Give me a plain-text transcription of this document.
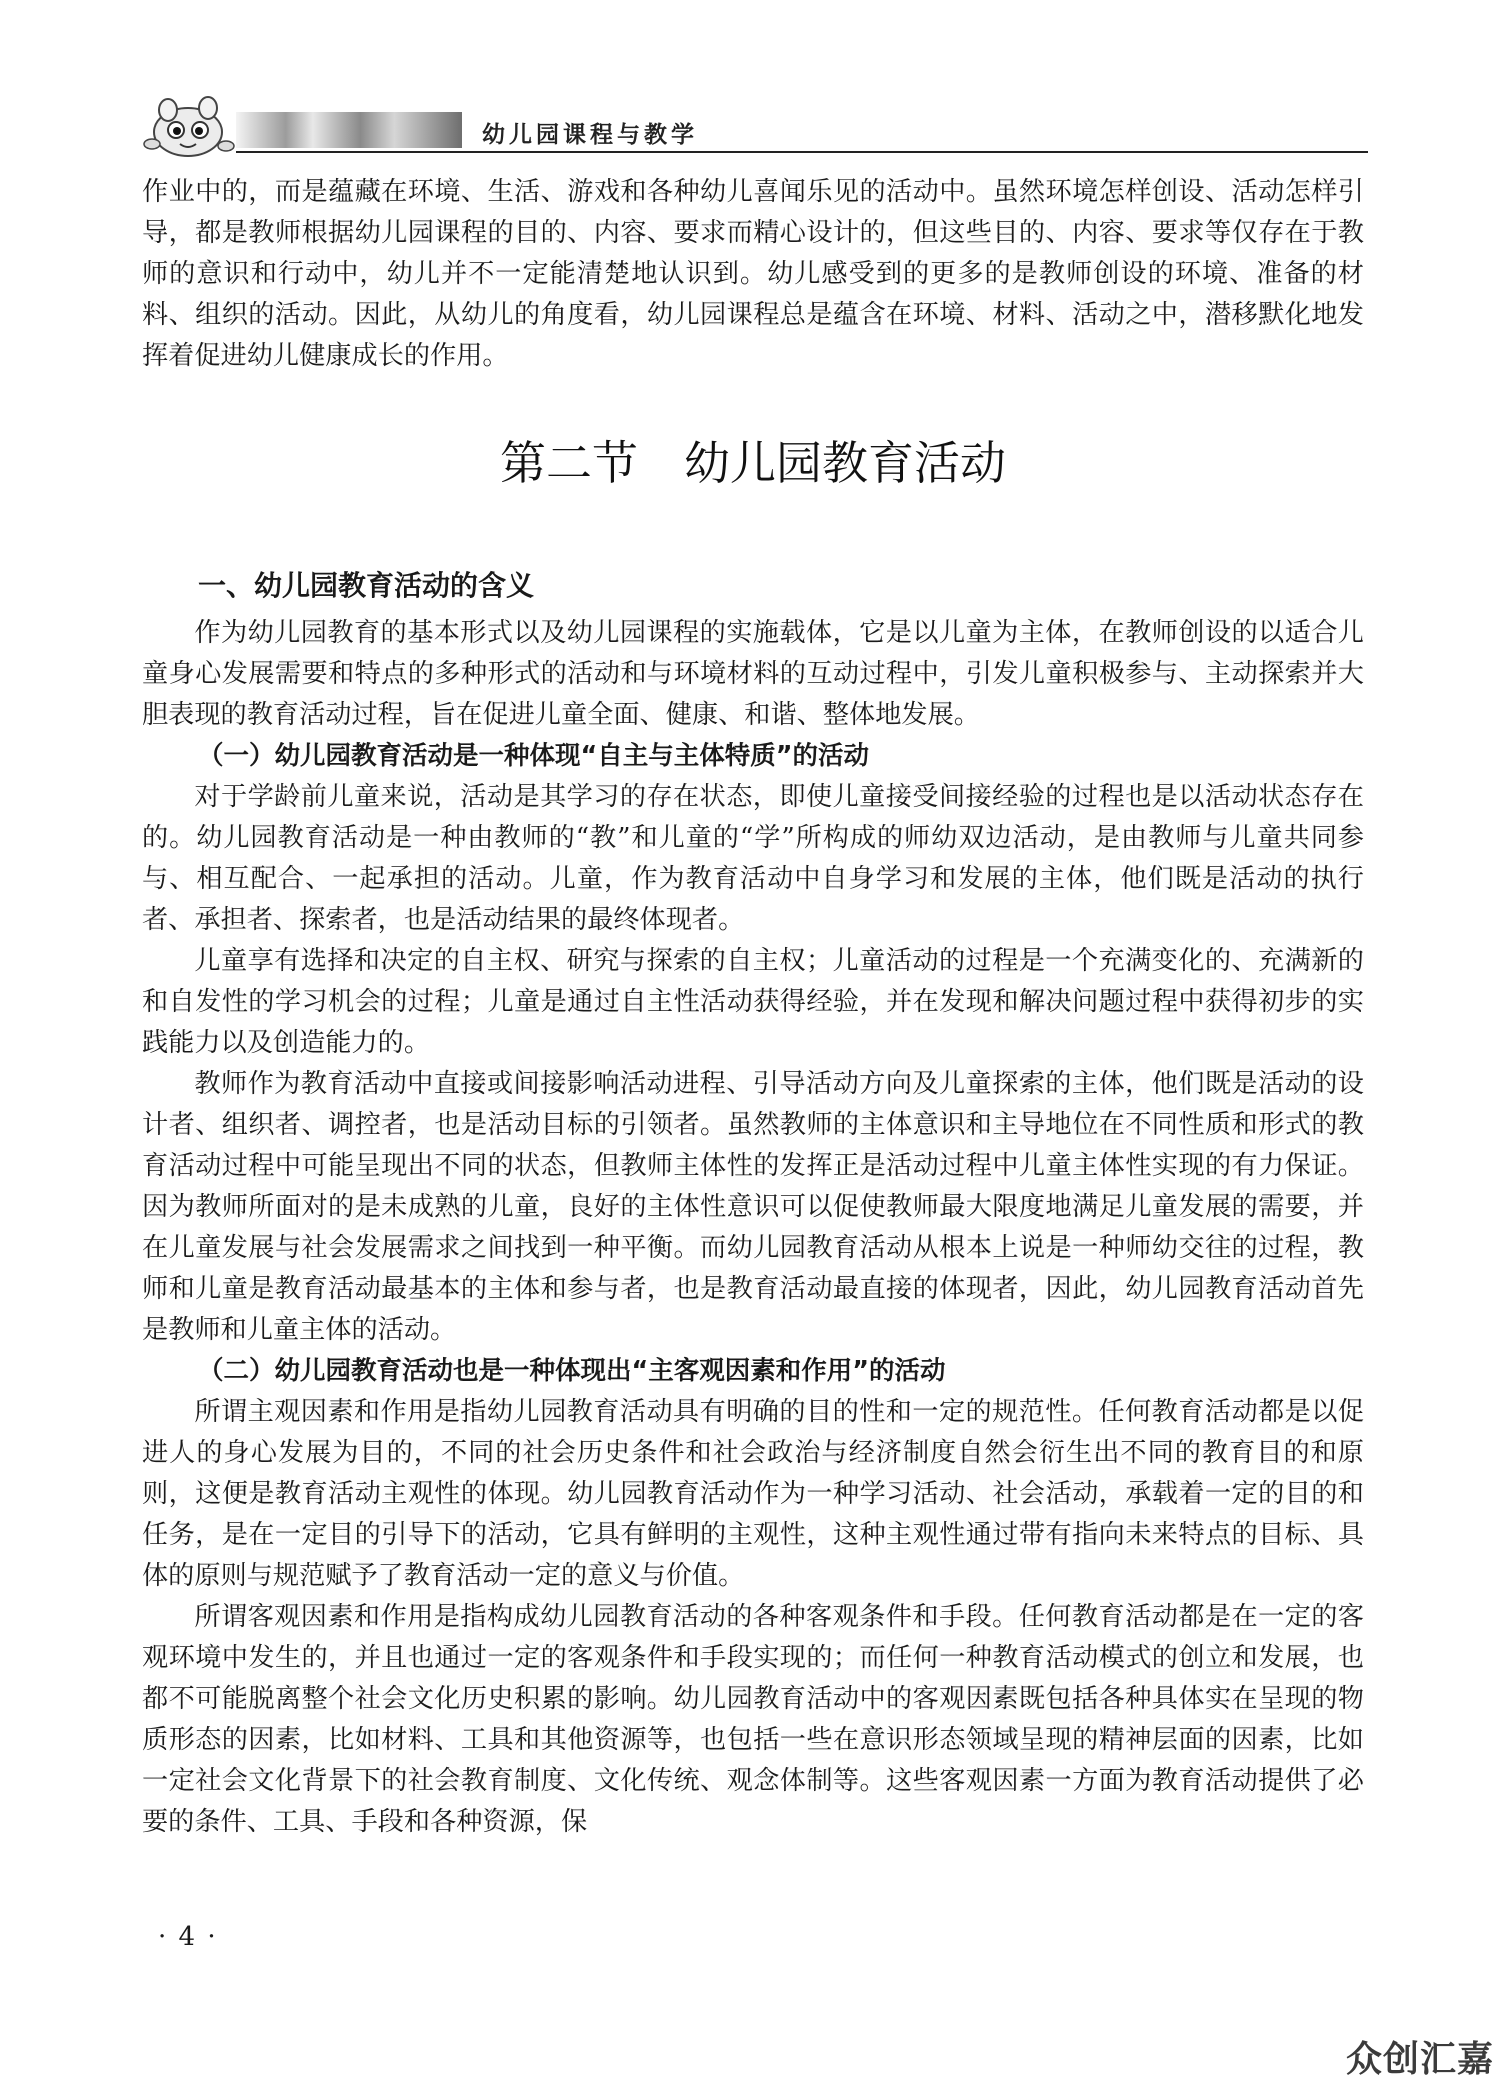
幼儿园课程与教学

作业中的，而是蕴藏在环境、生活、游戏和各种幼儿喜闻乐见的活动中。虽然环境怎样创设、活动怎样引导，都是教师根据幼儿园课程的目的、内容、要求而精心设计的，但这些目的、内容、要求等仅存在于教师的意识和行动中，幼儿并不一定能清楚地认识到。幼儿感受到的更多的是教师创设的环境、准备的材料、组织的活动。因此，从幼儿的角度看，幼儿园课程总是蕴含在环境、材料、活动之中，潜移默化地发挥着促进幼儿健康成长的作用。

第二节　幼儿园教育活动
一、幼儿园教育活动的含义

作为幼儿园教育的基本形式以及幼儿园课程的实施载体，它是以儿童为主体，在教师创设的以适合儿童身心发展需要和特点的多种形式的活动和与环境材料的互动过程中，引发儿童积极参与、主动探索并大胆表现的教育活动过程，旨在促进儿童全面、健康、和谐、整体地发展。

（一）幼儿园教育活动是一种体现“自主与主体特质”的活动

对于学龄前儿童来说，活动是其学习的存在状态，即使儿童接受间接经验的过程也是以活动状态存在的。幼儿园教育活动是一种由教师的“教”和儿童的“学”所构成的师幼双边活动，是由教师与儿童共同参与、相互配合、一起承担的活动。儿童，作为教育活动中自身学习和发展的主体，他们既是活动的执行者、承担者、探索者，也是活动结果的最终体现者。

儿童享有选择和决定的自主权、研究与探索的自主权；儿童活动的过程是一个充满变化的、充满新的和自发性的学习机会的过程；儿童是通过自主性活动获得经验，并在发现和解决问题过程中获得初步的实践能力以及创造能力的。

教师作为教育活动中直接或间接影响活动进程、引导活动方向及儿童探索的主体，他们既是活动的设计者、组织者、调控者，也是活动目标的引领者。虽然教师的主体意识和主导地位在不同性质和形式的教育活动过程中可能呈现出不同的状态，但教师主体性的发挥正是活动过程中儿童主体性实现的有力保证。因为教师所面对的是未成熟的儿童，良好的主体性意识可以促使教师最大限度地满足儿童发展的需要，并在儿童发展与社会发展需求之间找到一种平衡。而幼儿园教育活动从根本上说是一种师幼交往的过程，教师和儿童是教育活动最基本的主体和参与者，也是教育活动最直接的体现者，因此，幼儿园教育活动首先是教师和儿童主体的活动。

（二）幼儿园教育活动也是一种体现出“主客观因素和作用”的活动

所谓主观因素和作用是指幼儿园教育活动具有明确的目的性和一定的规范性。任何教育活动都是以促进人的身心发展为目的，不同的社会历史条件和社会政治与经济制度自然会衍生出不同的教育目的和原则，这便是教育活动主观性的体现。幼儿园教育活动作为一种学习活动、社会活动，承载着一定的目的和任务，是在一定目的引导下的活动，它具有鲜明的主观性，这种主观性通过带有指向未来特点的目标、具体的原则与规范赋予了教育活动一定的意义与价值。

所谓客观因素和作用是指构成幼儿园教育活动的各种客观条件和手段。任何教育活动都是在一定的客观环境中发生的，并且也通过一定的客观条件和手段实现的；而任何一种教育活动模式的创立和发展，也都不可能脱离整个社会文化历史积累的影响。幼儿园教育活动中的客观因素既包括各种具体实在呈现的物质形态的因素，比如材料、工具和其他资源等，也包括一些在意识形态领域呈现的精神层面的因素，比如一定社会文化背景下的社会教育制度、文化传统、观念体制等。这些客观因素一方面为教育活动提供了必要的条件、工具、手段和各种资源，保

· 4 ·
众创汇嘉
